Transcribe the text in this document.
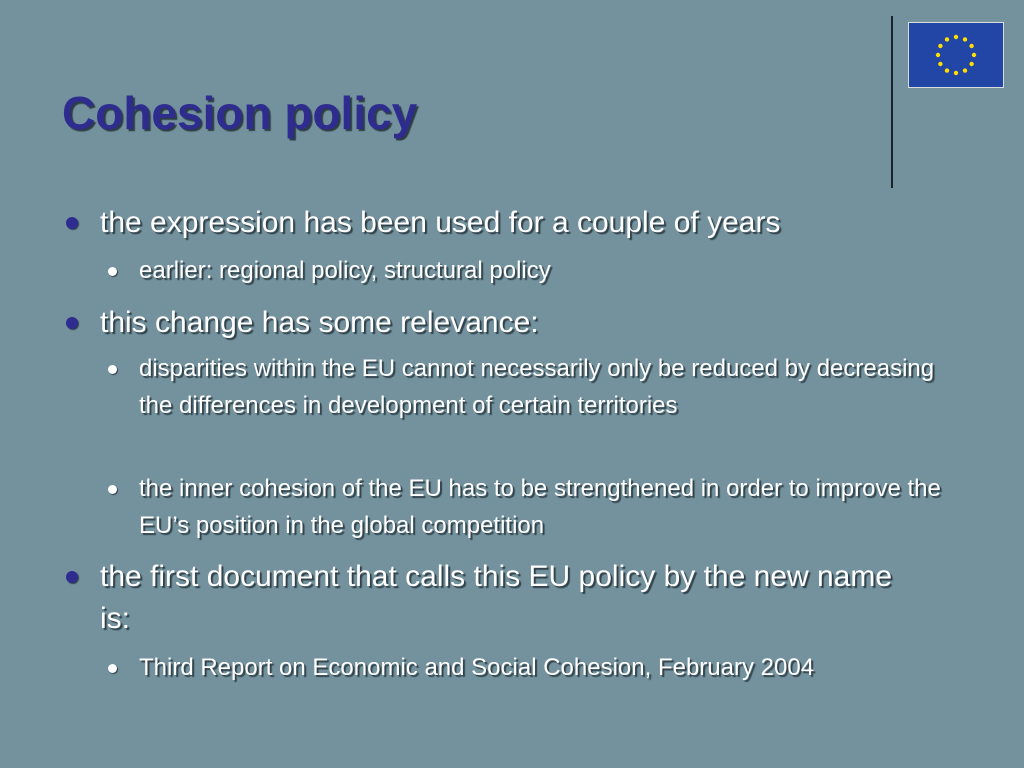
Cohesion policy
the expression has been used for a couple of years
earlier: regional policy, structural policy
this change has some relevance:
disparities within the EU cannot necessarily only be reduced by decreasing the differences in development of certain territories
the inner cohesion of the EU has to be strengthened in order to improve the EU’s position in the global competition
the first document that calls this EU policy by the new name is:
Third Report on Economic and Social Cohesion, February 2004
